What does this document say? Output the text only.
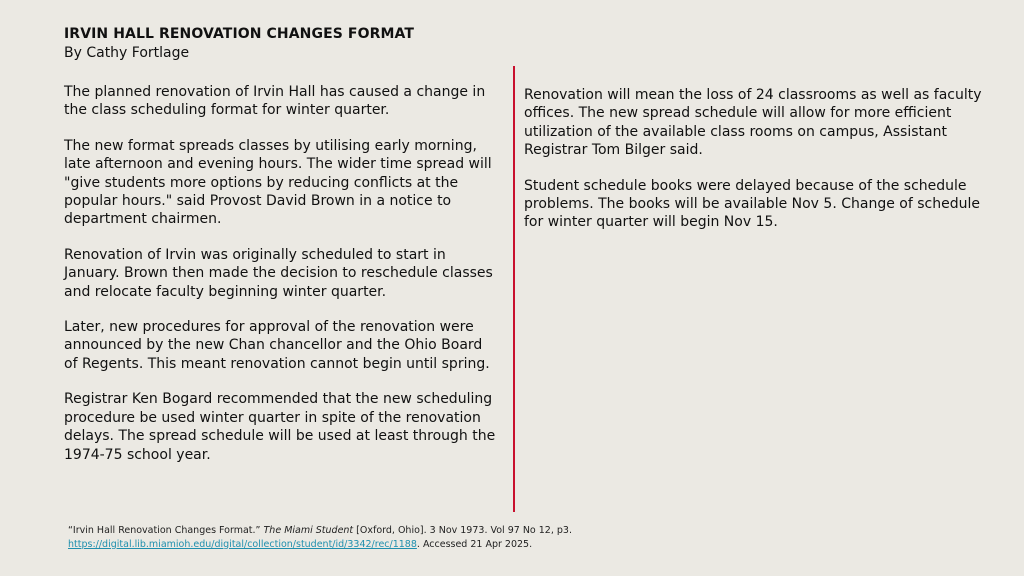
IRVIN HALL RENOVATION CHANGES FORMAT
By Cathy Fortlage

The planned renovation of Irvin Hall has caused a change in the class scheduling format for winter quarter.

The new format spreads classes by utilising early morning, late afternoon and evening hours. The wider time spread will "give students more options by reducing conflicts at the popular hours." said Provost David Brown in a notice to department chairmen.

Renovation of Irvin was originally scheduled to start in January. Brown then made the decision to reschedule classes and relocate faculty beginning winter quarter.

Later, new procedures for approval of the renovation were announced by the new Chan chancellor and the Ohio Board of Regents. This meant renovation cannot begin until spring.

Registrar Ken Bogard recommended that the new scheduling procedure be used winter quarter in spite of the renovation delays. The spread schedule will be used at least through the 1974-75 school year.

Renovation will mean the loss of 24 classrooms as well as faculty offices. The new spread schedule will allow for more efficient utilization of the available class rooms on campus, Assistant Registrar Tom Bilger said.

Student schedule books were delayed because of the schedule problems. The books will be available Nov 5. Change of schedule for winter quarter will begin Nov 15.

“Irvin Hall Renovation Changes Format.” The Miami Student [Oxford, Ohio]. 3 Nov 1973. Vol 97 No 12, p3. https://digital.lib.miamioh.edu/digital/collection/student/id/3342/rec/1188. Accessed 21 Apr 2025.
